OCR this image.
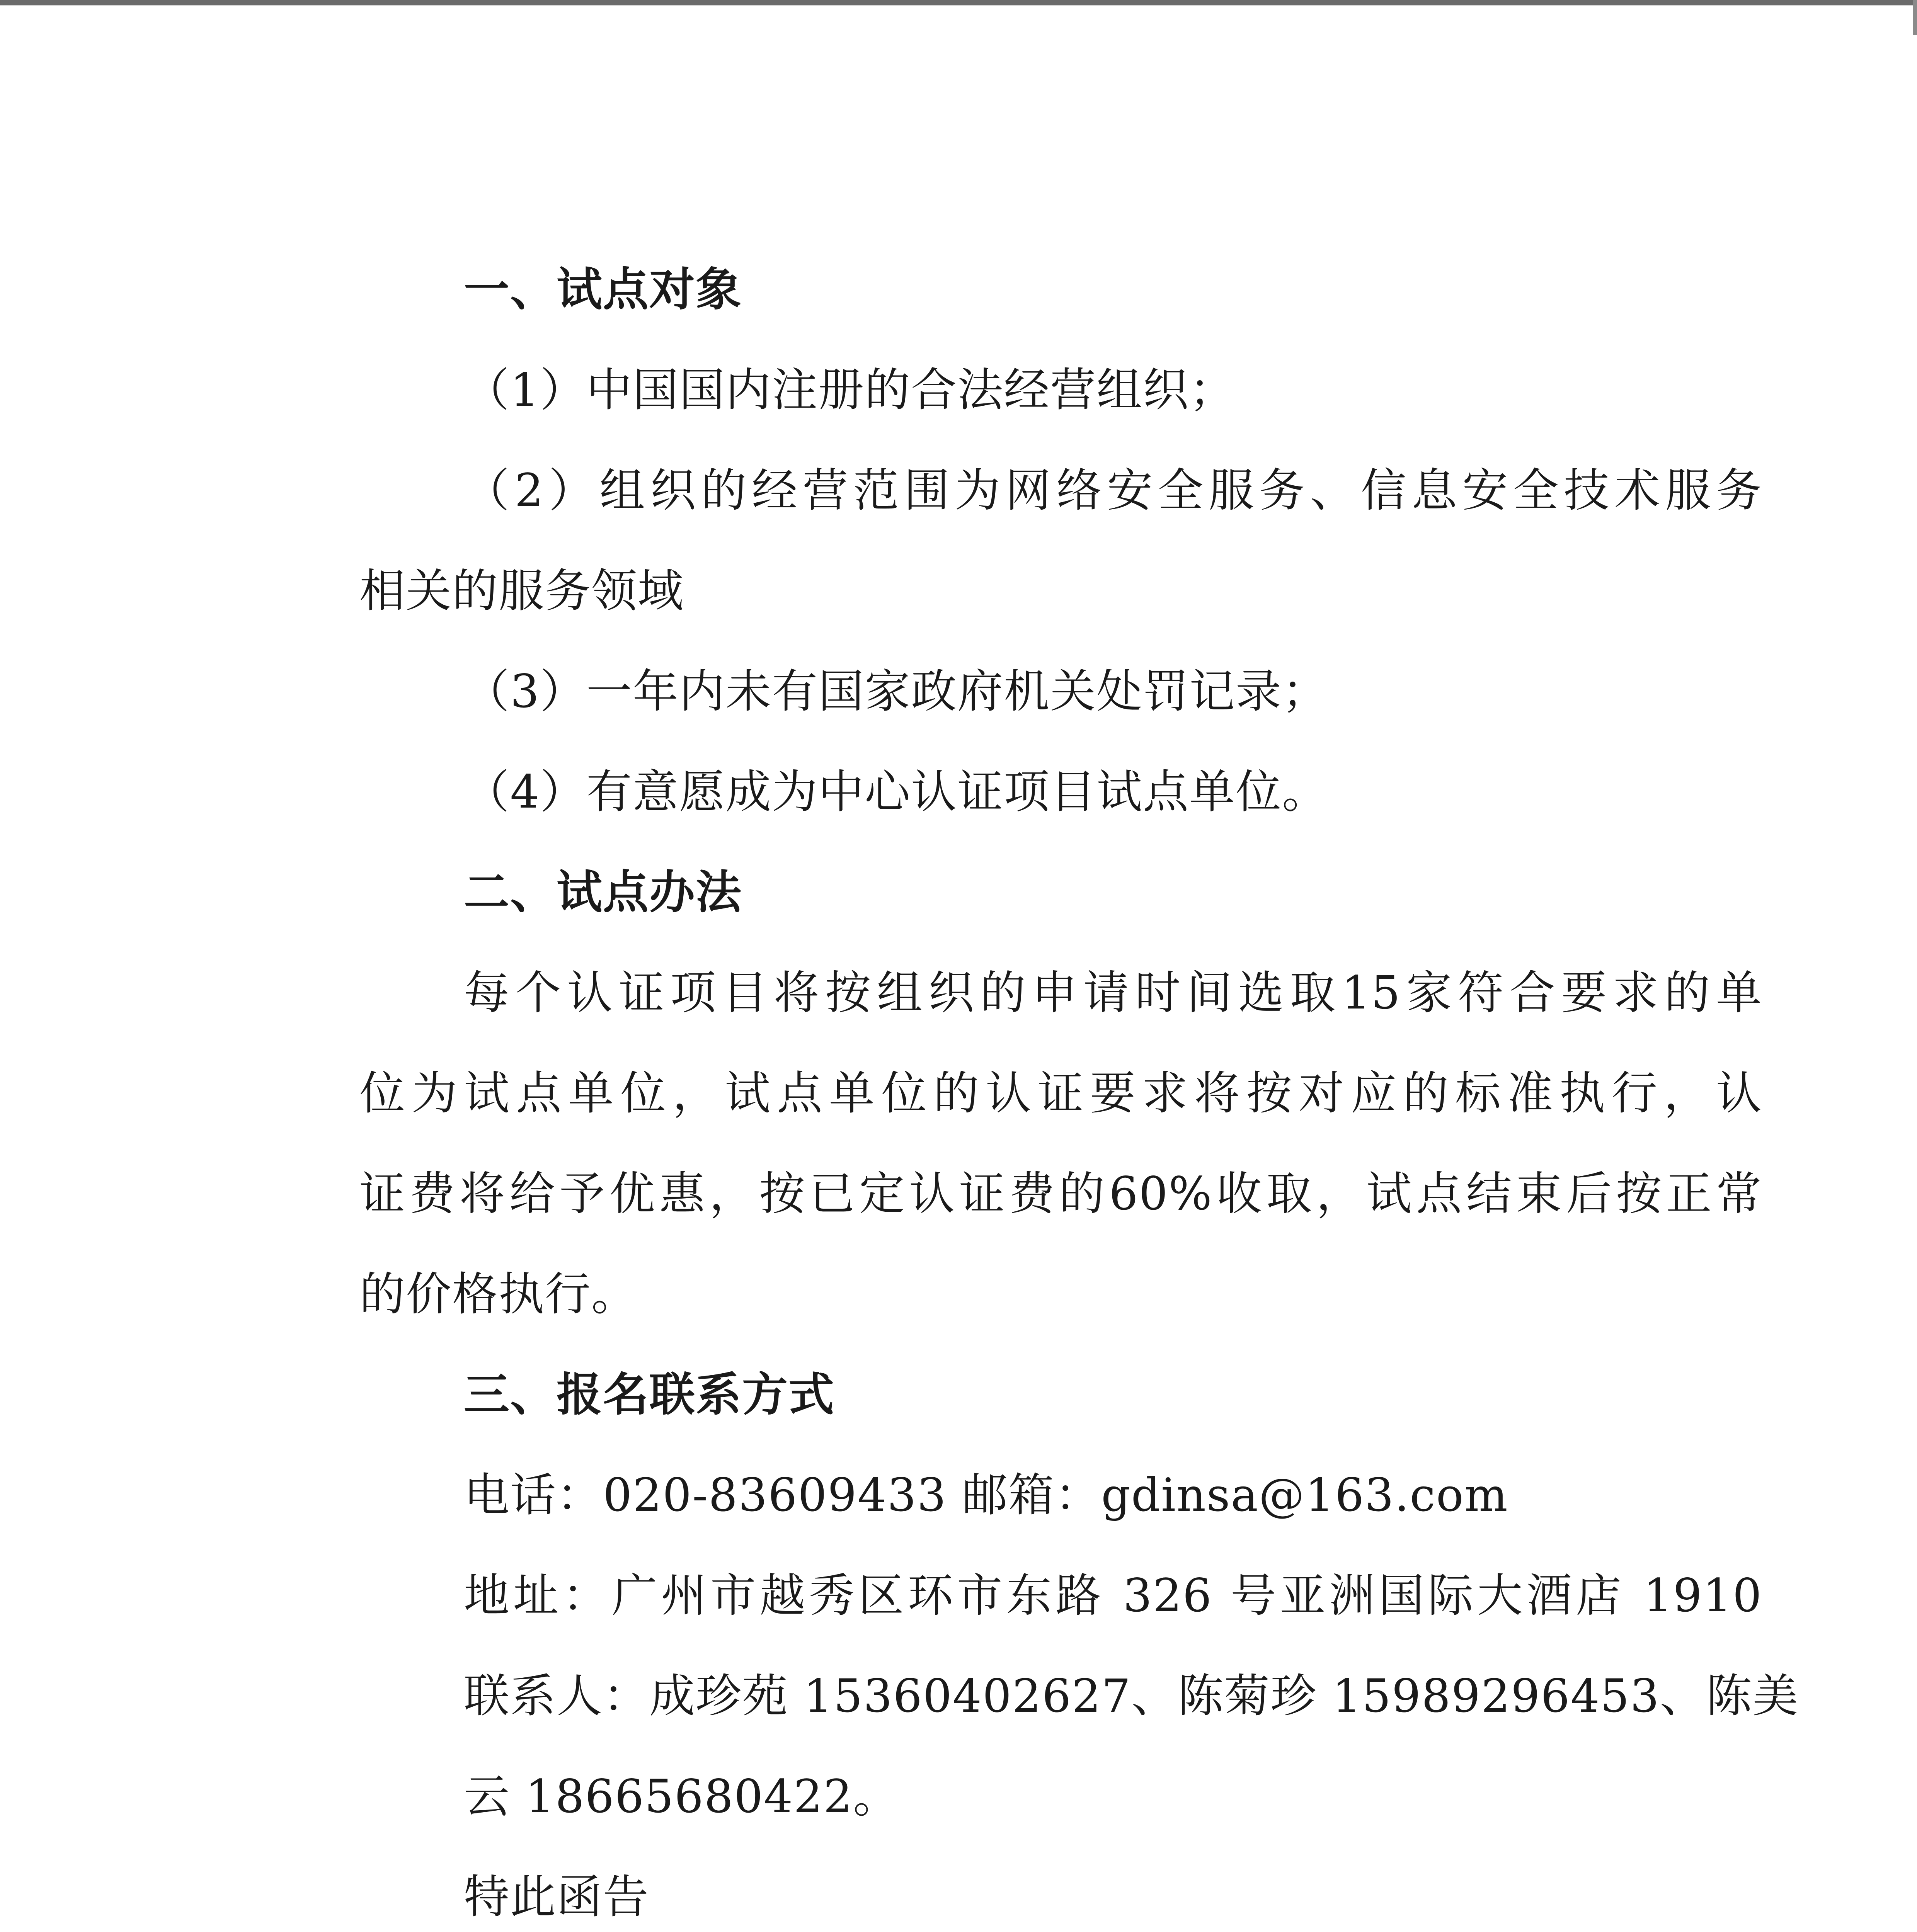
一、试点对象
（1）中国国内注册的合法经营组织；
（2）组织的经营范围为网络安全服务、信息安全技术服务
相关的服务领域
（3）一年内未有国家政府机关处罚记录；
（4）有意愿成为中心认证项目试点单位。
二、试点办法
每个认证项目将按组织的申请时间选取15家符合要求的单
位为试点单位，试点单位的认证要求将按对应的标准执行，认
证费将给予优惠，按已定认证费的60%收取，试点结束后按正常
的价格执行。
三、报名联系方式
电话：020-83609433 邮箱：gdinsa@163.com
地址：广州市越秀区环市东路 326 号亚洲国际大酒店 1910
联系人：成珍苑 15360402627、陈菊珍 15989296453、陈美
云 18665680422。
特此函告
